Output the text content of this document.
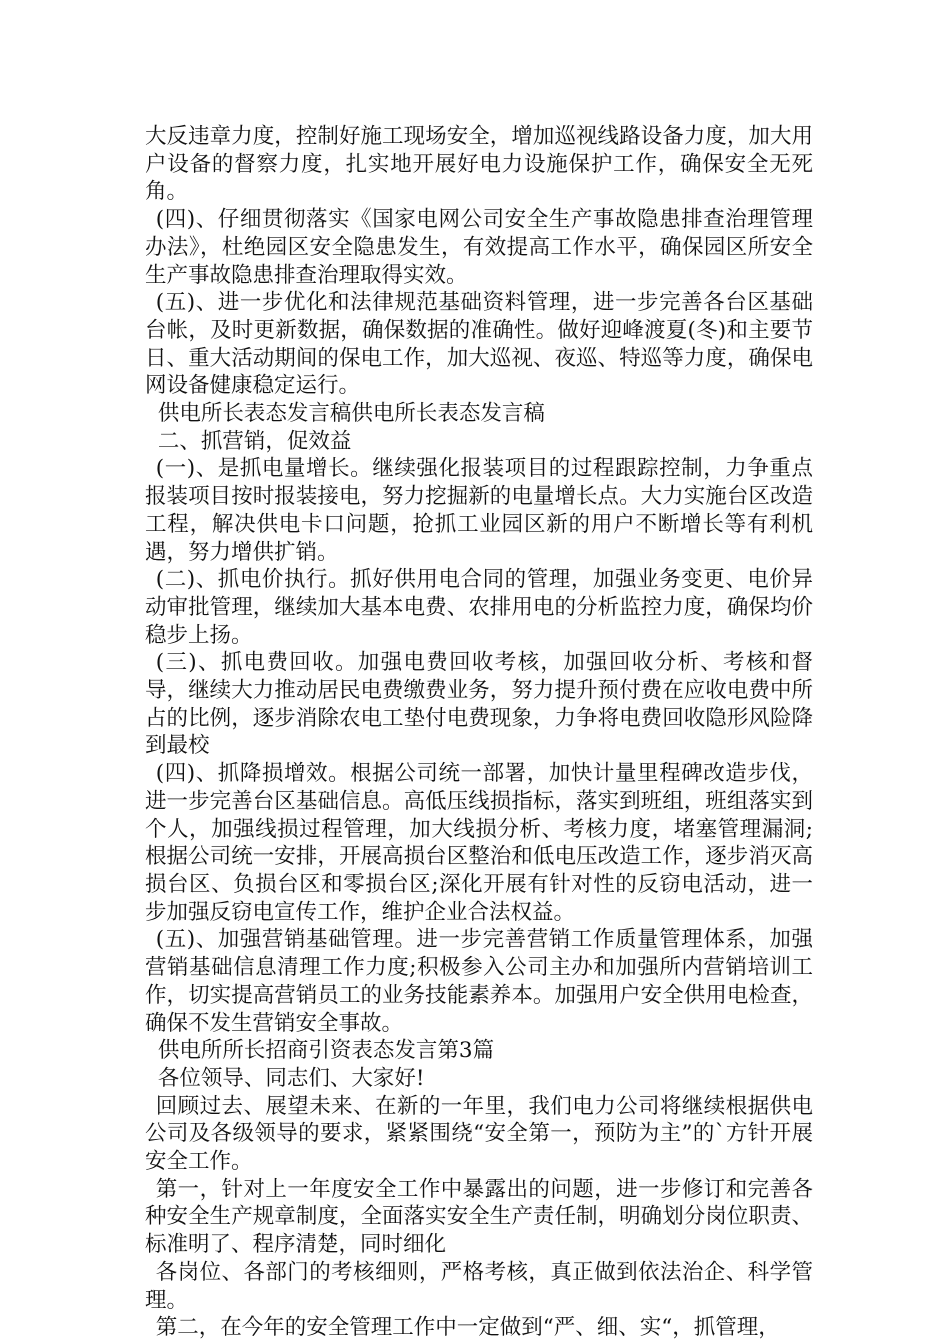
大反违章力度，控制好施工现场安全，增加巡视线路设备力度，加大用户设备的督察力度，扎实地开展好电力设施保护工作，确保安全无死角。

(四)、仔细贯彻落实《国家电网公司安全生产事故隐患排查治理管理办法》，杜绝园区安全隐患发生，有效提高工作水平，确保园区所安全生产事故隐患排查治理取得实效。

(五)、进一步优化和法律规范基础资料管理，进一步完善各台区基础台帐，及时更新数据，确保数据的准确性。做好迎峰渡夏(冬)和主要节日、重大活动期间的保电工作，加大巡视、夜巡、特巡等力度，确保电网设备健康稳定运行。

供电所长表态发言稿供电所长表态发言稿

二、抓营销，促效益

(一)、是抓电量增长。继续强化报装项目的过程跟踪控制，力争重点报装项目按时报装接电，努力挖掘新的电量增长点。大力实施台区改造工程，解决供电卡口问题，抢抓工业园区新的用户不断增长等有利机遇，努力增供扩销。

(二)、抓电价执行。抓好供用电合同的管理，加强业务变更、电价异动审批管理，继续加大基本电费、农排用电的分析监控力度，确保均价稳步上扬。

(三)、抓电费回收。加强电费回收考核，加强回收分析、考核和督导，继续大力推动居民电费缴费业务，努力提升预付费在应收电费中所占的比例，逐步消除农电工垫付电费现象，力争将电费回收隐形风险降到最校

(四)、抓降损增效。根据公司统一部署，加快计量里程碑改造步伐，进一步完善台区基础信息。高低压线损指标，落实到班组，班组落实到个人，加强线损过程管理，加大线损分析、考核力度，堵塞管理漏洞;根据公司统一安排，开展高损台区整治和低电压改造工作，逐步消灭高损台区、负损台区和零损台区;深化开展有针对性的反窃电活动，进一步加强反窃电宣传工作，维护企业合法权益。

(五)、加强营销基础管理。进一步完善营销工作质量管理体系，加强营销基础信息清理工作力度;积极参入公司主办和加强所内营销培训工作，切实提高营销员工的业务技能素养本。加强用户安全供用电检查，确保不发生营销安全事故。

供电所所长招商引资表态发言第3篇

各位领导、同志们、大家好!

回顾过去、展望未来、在新的一年里，我们电力公司将继续根据供电公司及各级领导的要求，紧紧围绕“安全第一，预防为主”的`方针开展安全工作。

第一，针对上一年度安全工作中暴露出的问题，进一步修订和完善各种安全生产规章制度，全面落实安全生产责任制，明确划分岗位职责、标准明了、程序清楚，同时细化

各岗位、各部门的考核细则，严格考核，真正做到依法治企、科学管理。

第二，在今年的安全管理工作中一定做到“严、细、实“，抓管理，
